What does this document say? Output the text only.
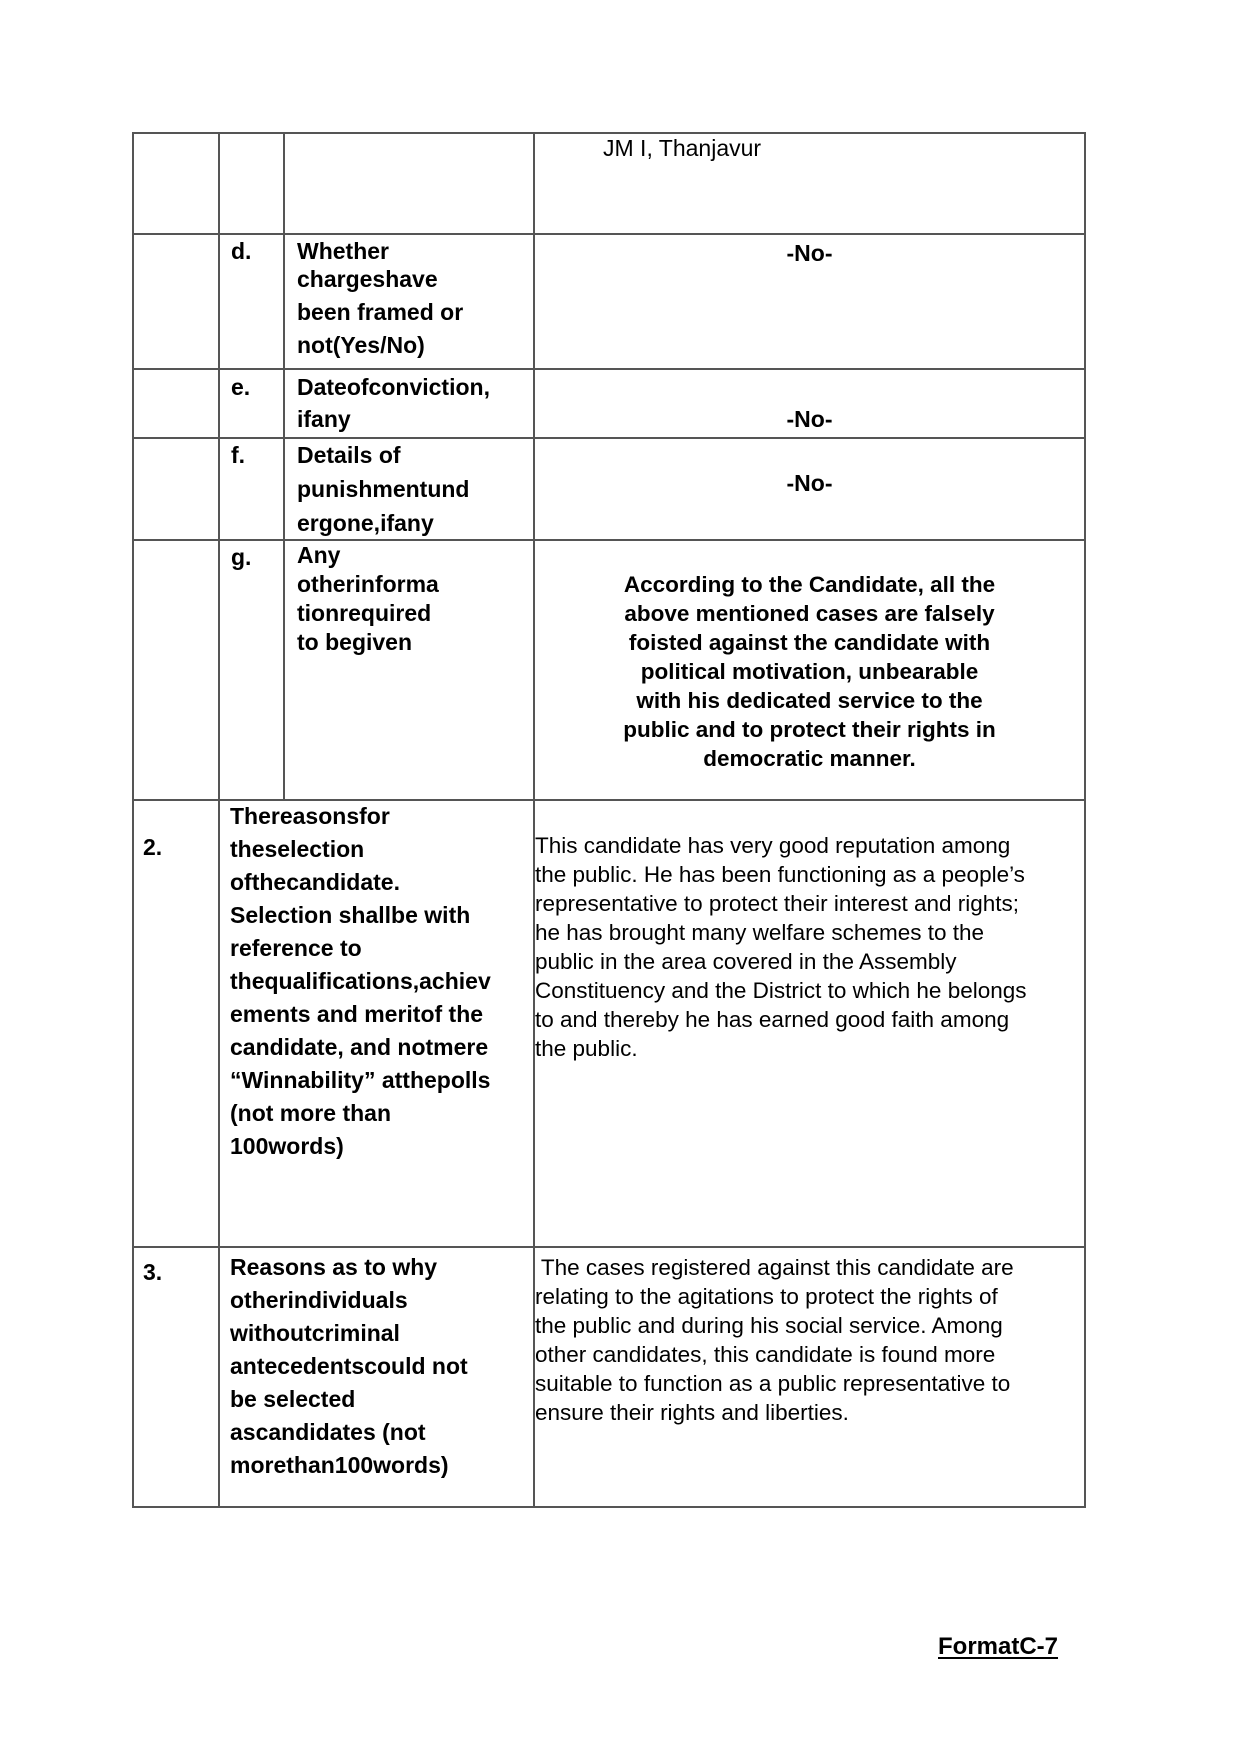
JM I, Thanjavur
d. Whether
chargeshave
been framed or
not(Yes/No)
-No-
e. Dateofconviction,
ifany	-No-
f. Details of
punishmentund
ergone,ifany
-No-
g. Any
otherinforma
tionrequired
to begiven
According to the Candidate, all the
above mentioned cases are falsely
foisted against the candidate with
political motivation, unbearable
with his dedicated service to the
public and to protect their rights in
democratic manner.
2.
Thereasonsfor
theselection
ofthecandidate.
Selection shallbe with
reference to
thequalifications,achiev
ements and meritof the
candidate, and notmere
“Winnability” atthepolls
(not more than
100words)
This candidate has very good reputation among
the public. He has been functioning as a people’s
representative to protect their interest and rights;
he has brought many welfare schemes to the
public in the area covered in the Assembly
Constituency and the District to which he belongs
to and thereby he has earned good faith among
the public.
3.	Reasons as to why
otherindividuals
withoutcriminal
antecedentscould not
be selected
ascandidates (not
morethan100words)
The cases registered against this candidate are
relating to the agitations to protect the rights of
the public and during his social service. Among
other candidates, this candidate is found more
suitable to function as a public representative to
ensure their rights and liberties.
FormatC-7
